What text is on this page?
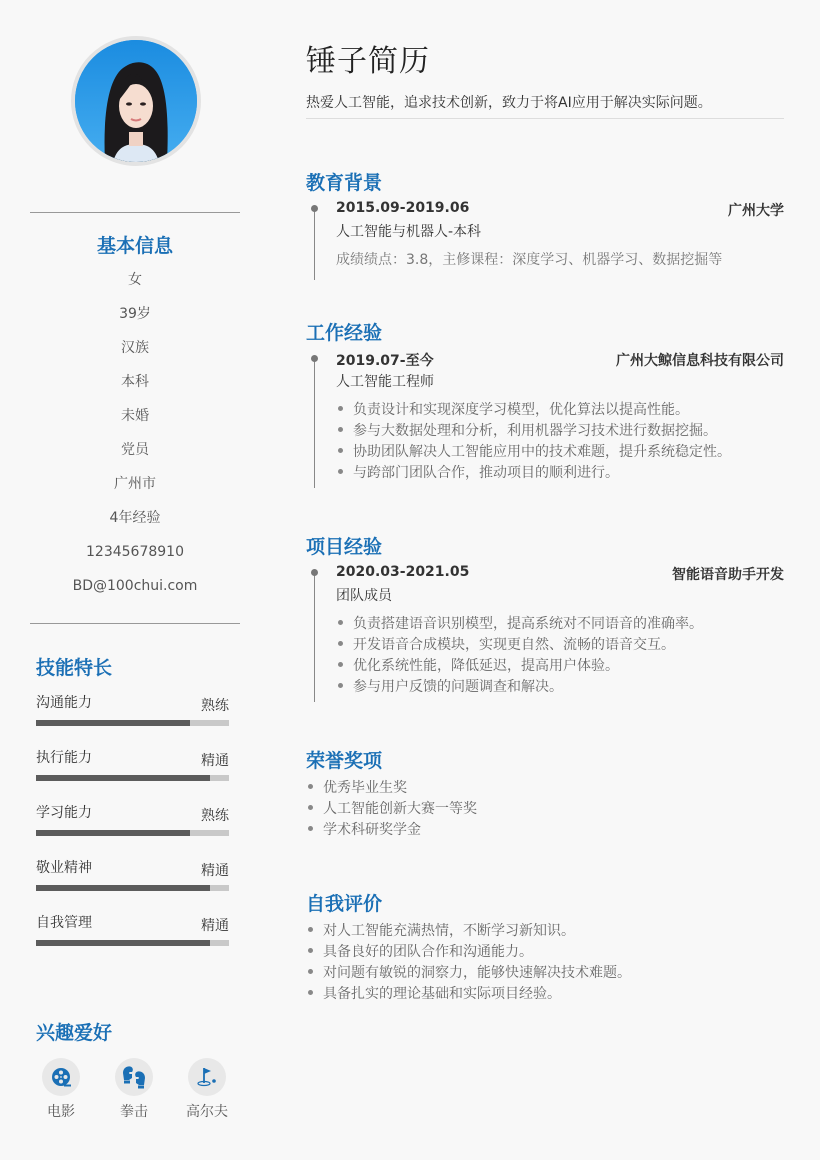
基本信息
女
39岁
汉族
本科
未婚
党员
广州市
4年经验
12345678910
BD@100chui.com
技能特长
沟通能力	熟练
执行能力	精通
学习能力	熟练
敬业精神	精通
自我管理	精通
兴趣爱好
电影	拳击	高尔夫
锤子简历
热爱人工智能，追求技术创新，致力于将AI应用于解决实际问题。
教育背景
2015.09-2019.06	广州大学
人工智能与机器人-本科
成绩绩点：3.8，主修课程：深度学习、机器学习、数据挖掘等
工作经验
2019.07-至今	广州大鲸信息科技有限公司
人工智能工程师
负责设计和实现深度学习模型，优化算法以提高性能。
参与大数据处理和分析，利用机器学习技术进行数据挖掘。
协助团队解决人工智能应用中的技术难题，提升系统稳定性。
与跨部门团队合作，推动项目的顺利进行。
项目经验
2020.03-2021.05	智能语音助手开发
团队成员
负责搭建语音识别模型，提高系统对不同语音的准确率。
开发语音合成模块，实现更自然、流畅的语音交互。
优化系统性能，降低延迟，提高用户体验。
参与用户反馈的问题调查和解决。
荣誉奖项
优秀毕业生奖
人工智能创新大赛一等奖
学术科研奖学金
自我评价
对人工智能充满热情，不断学习新知识。
具备良好的团队合作和沟通能力。
对问题有敏锐的洞察力，能够快速解决技术难题。
具备扎实的理论基础和实际项目经验。
